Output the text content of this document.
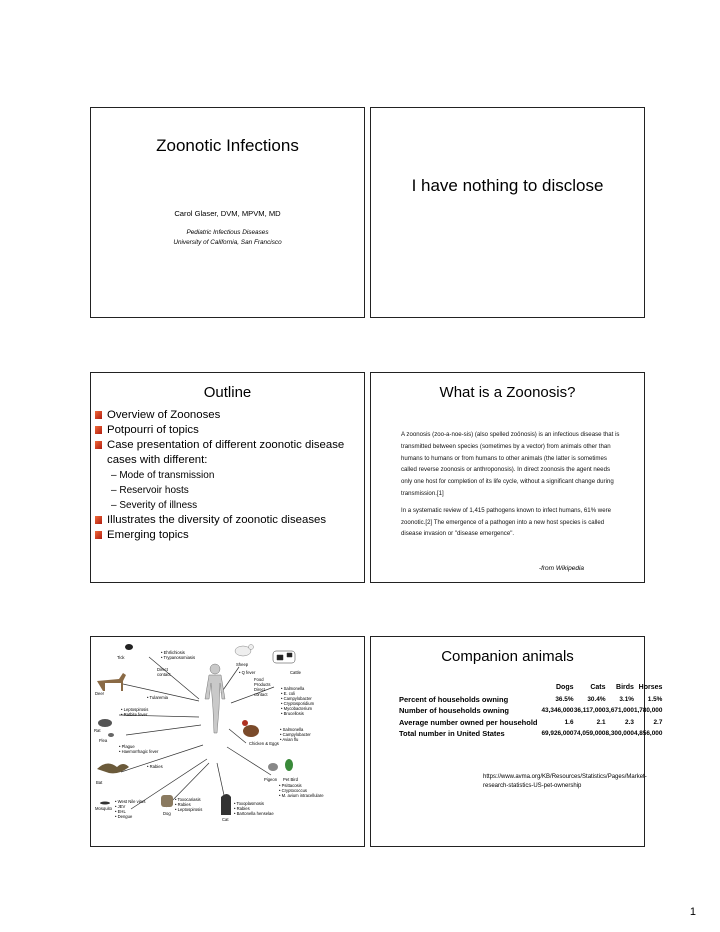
Zoonotic Infections
Carol Glaser, DVM, MPVM, MD
Pediatric Infectious Diseases
University of California, San Francisco
I have nothing to disclose
Outline
Overview of Zoonoses
Potpourri of topics
Case presentation of different zoonotic disease cases with different:
– Mode of transmission
– Reservoir hosts
– Severity of illness
Illustrates the diversity of zoonotic diseases
Emerging topics
What is a Zoonosis?
A zoonosis (zoo-a-noe-sis) (also spelled zoönosis) is an infectious disease that is transmitted between species (sometimes by a vector) from animals other than humans to humans or from humans to other animals (the latter is sometimes called reverse zoonosis or anthroponosis). In direct zoonosis the agent needs only one host for completion of its life cycle, without a significant change during transmission.[1]
In a systematic review of 1,415 pathogens known to infect humans, 61% were zoonotic.[2] The emergence of a pathogen into a new host species is called disease invasion or "disease emergence".
-from Wikipedia
Tick
• Ehrlichiosis
• Trypanosomiasis
Sheep
Direct
contact	• Q fever	Cattle
Food
Products
Direct
contact
• Salmonella
• E. coli
• Campylobacter
• Cryptosporidium
• Mycobacterium
• Brucellosis
Deer
• Tularemia
• Leptospirosis
• Ratbite fever
Rat
Flea
• Plague
• Haemorrhagic fever
• Salmonella
• Campylobacter
• Avian flu
Chicken & Eggs
• Rabies
Bat
Pigeon Pet Bird
• Psittacosis
• Cryptococcus
• M. avium intracellulare
• West Nile virus
• JEV
• EHL
• Dengue
Mosquito
• Toxocariasis
• Rabies
• Leptospirosis
Dog
• Toxoplasmosis
• Rabies
• Bartonella henselae
Cat
Companion animals
	Dogs	Cats	Birds	Horses
Percent of households owning	36.5%	30.4%	3.1%	1.5%
Number of households owning	43,346,000	36,117,000	3,671,000	1,780,000
Average number owned per household	1.6	2.1	2.3	2.7
Total number in United States	69,926,000	74,059,000	8,300,000	4,856,000
https://www.avma.org/KB/Resources/Statistics/Pages/Market-research-statistics-US-pet-ownership
1
